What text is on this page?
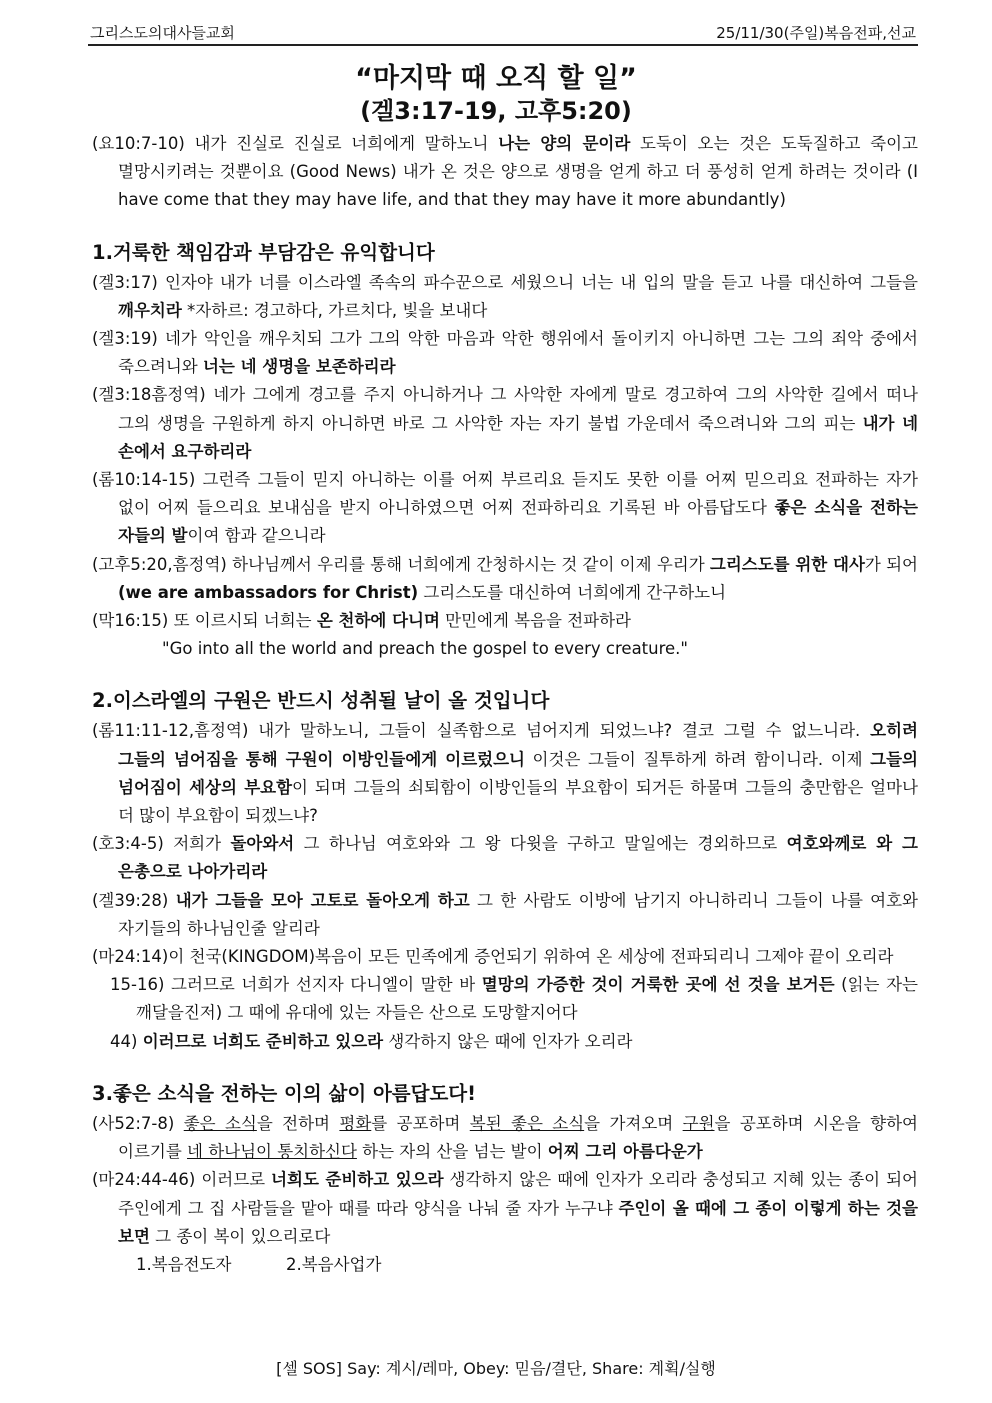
그리스도의대사들교회	25/11/30(주일)복음전파,선교
“마지막 때 오직 할 일”
(겔3:17-19, 고후5:20)

(요10:7-10) 내가 진실로 진실로 너희에게 말하노니 나는 양의 문이라 도둑이 오는 것은 도둑질하고 죽이고 멸망시키려는 것뿐이요 (Good News) 내가 온 것은 양으로 생명을 얻게 하고 더 풍성히 얻게 하려는 것이라 (I have come that they may have life, and that they may have it more abundantly)

1.거룩한 책임감과 부담감은 유익합니다

(겔3:17) 인자야 내가 너를 이스라엘 족속의 파수꾼으로 세웠으니 너는 내 입의 말을 듣고 나를 대신하여 그들을 깨우치라 *자하르: 경고하다, 가르치다, 빛을 보내다

(겔3:19) 네가 악인을 깨우치되 그가 그의 악한 마음과 악한 행위에서 돌이키지 아니하면 그는 그의 죄악 중에서 죽으려니와 너는 네 생명을 보존하리라

(겔3:18흠정역) 네가 그에게 경고를 주지 아니하거나 그 사악한 자에게 말로 경고하여 그의 사악한 길에서 떠나 그의 생명을 구원하게 하지 아니하면 바로 그 사악한 자는 자기 불법 가운데서 죽으려니와 그의 피는 내가 네 손에서 요구하리라

(롬10:14-15) 그런즉 그들이 믿지 아니하는 이를 어찌 부르리요 듣지도 못한 이를 어찌 믿으리요 전파하는 자가 없이 어찌 들으리요 보내심을 받지 아니하였으면 어찌 전파하리요 기록된 바 아름답도다 좋은 소식을 전하는 자들의 발이여 함과 같으니라

(고후5:20,흠정역) 하나님께서 우리를 통해 너희에게 간청하시는 것 같이 이제 우리가 그리스도를 위한 대사가 되어 (we are ambassadors for Christ) 그리스도를 대신하여 너희에게 간구하노니

(막16:15) 또 이르시되 너희는 온 천하에 다니며 만민에게 복음을 전파하라

"Go into all the world and preach the gospel to every creature."

2.이스라엘의 구원은 반드시 성취될 날이 올 것입니다

(롬11:11-12,흠정역) 내가 말하노니, 그들이 실족함으로 넘어지게 되었느냐? 결코 그럴 수 없느니라. 오히려 그들의 넘어짐을 통해 구원이 이방인들에게 이르렀으니 이것은 그들이 질투하게 하려 함이니라. 이제 그들의 넘어짐이 세상의 부요함이 되며 그들의 쇠퇴함이 이방인들의 부요함이 되거든 하물며 그들의 충만함은 얼마나 더 많이 부요함이 되겠느냐?

(호3:4-5) 저희가 돌아와서 그 하나님 여호와와 그 왕 다윗을 구하고 말일에는 경외하므로 여호와께로 와 그 은총으로 나아가리라

(겔39:28) 내가 그들을 모아 고토로 돌아오게 하고 그 한 사람도 이방에 남기지 아니하리니 그들이 나를 여호와 자기들의 하나님인줄 알리라

(마24:14)이 천국(KINGDOM)복음이 모든 민족에게 증언되기 위하여 온 세상에 전파되리니 그제야 끝이 오리라

15-16) 그러므로 너희가 선지자 다니엘이 말한 바 멸망의 가증한 것이 거룩한 곳에 선 것을 보거든 (읽는 자는 깨달을진저) 그 때에 유대에 있는 자들은 산으로 도망할지어다

44) 이러므로 너희도 준비하고 있으라 생각하지 않은 때에 인자가 오리라

3.좋은 소식을 전하는 이의 삶이 아름답도다!

(사52:7-8) 좋은 소식을 전하며 평화를 공포하며 복된 좋은 소식을 가져오며 구원을 공포하며 시온을 향하여 이르기를 네 하나님이 통치하신다 하는 자의 산을 넘는 발이 어찌 그리 아름다운가

(마24:44-46) 이러므로 너희도 준비하고 있으라 생각하지 않은 때에 인자가 오리라 충성되고 지혜 있는 종이 되어 주인에게 그 집 사람들을 맡아 때를 따라 양식을 나눠 줄 자가 누구냐 주인이 올 때에 그 종이 이렇게 하는 것을 보면 그 종이 복이 있으리로다

1.복음전도자	2.복음사업가

[셀 SOS] Say: 계시/레마, Obey: 믿음/결단, Share: 계획/실행
